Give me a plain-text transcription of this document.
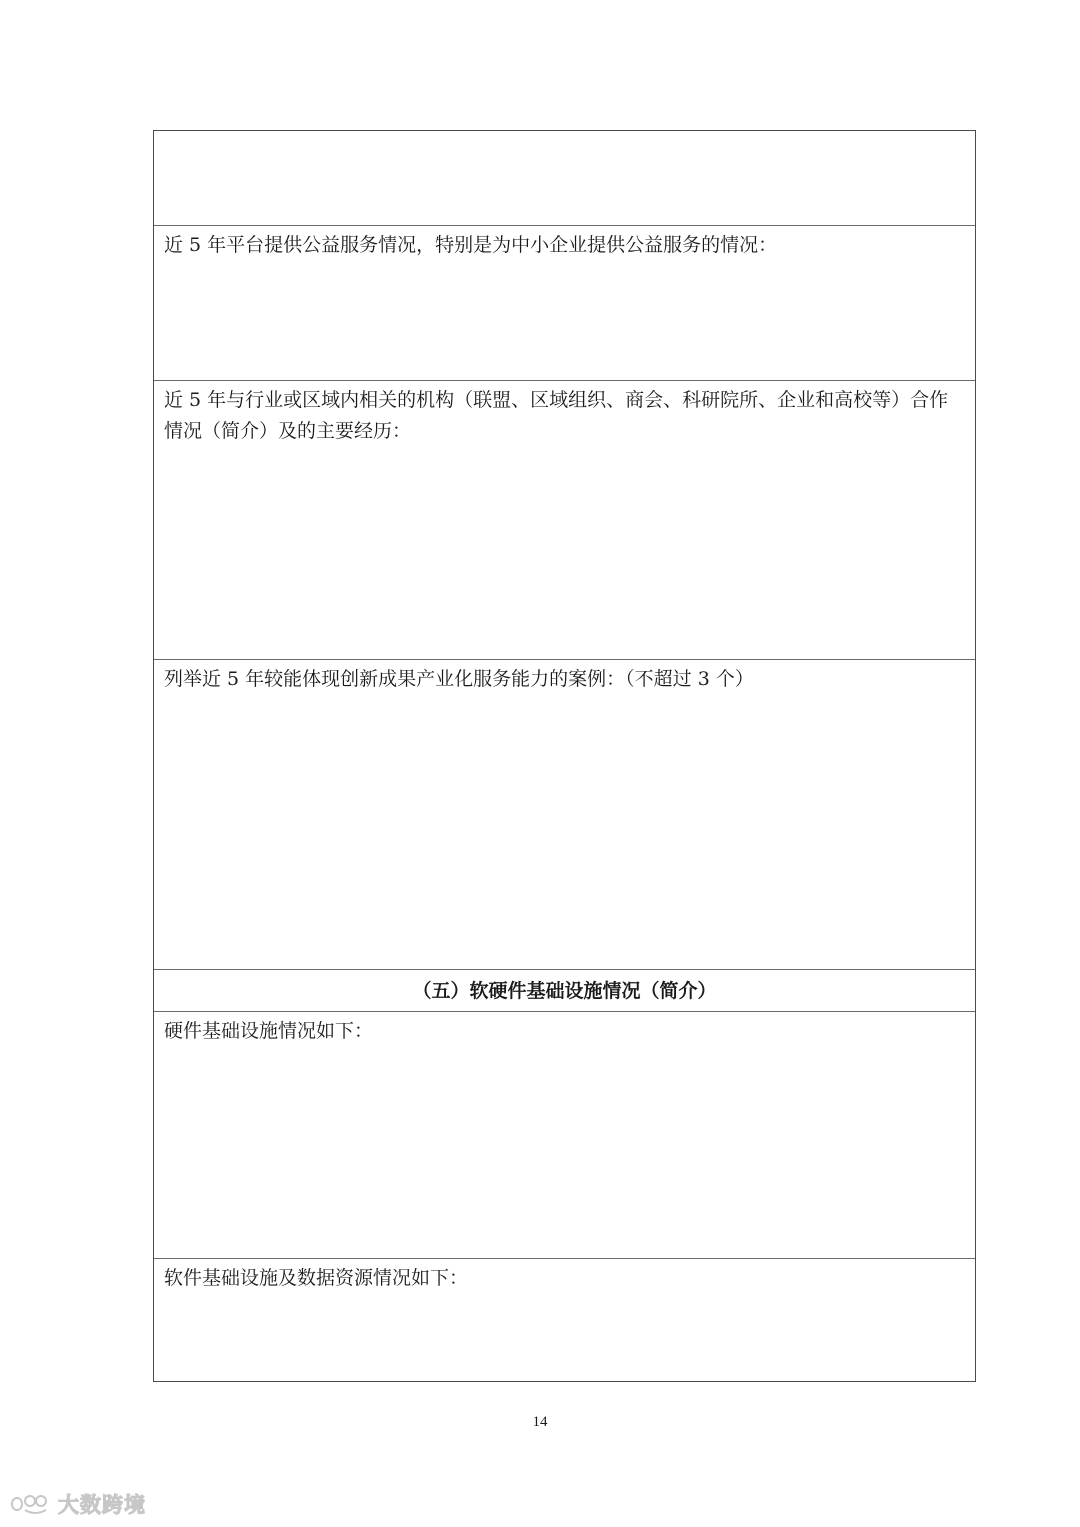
近 5 年平台提供公益服务情况，特别是为中小企业提供公益服务的情况：
近 5 年与行业或区域内相关的机构（联盟、区域组织、商会、科研院所、企业和高校等）合作情况（简介）及的主要经历：
列举近 5 年较能体现创新成果产业化服务能力的案例：（不超过 3 个）
（五）软硬件基础设施情况（简介）
硬件基础设施情况如下：
软件基础设施及数据资源情况如下：
14
大数跨境
